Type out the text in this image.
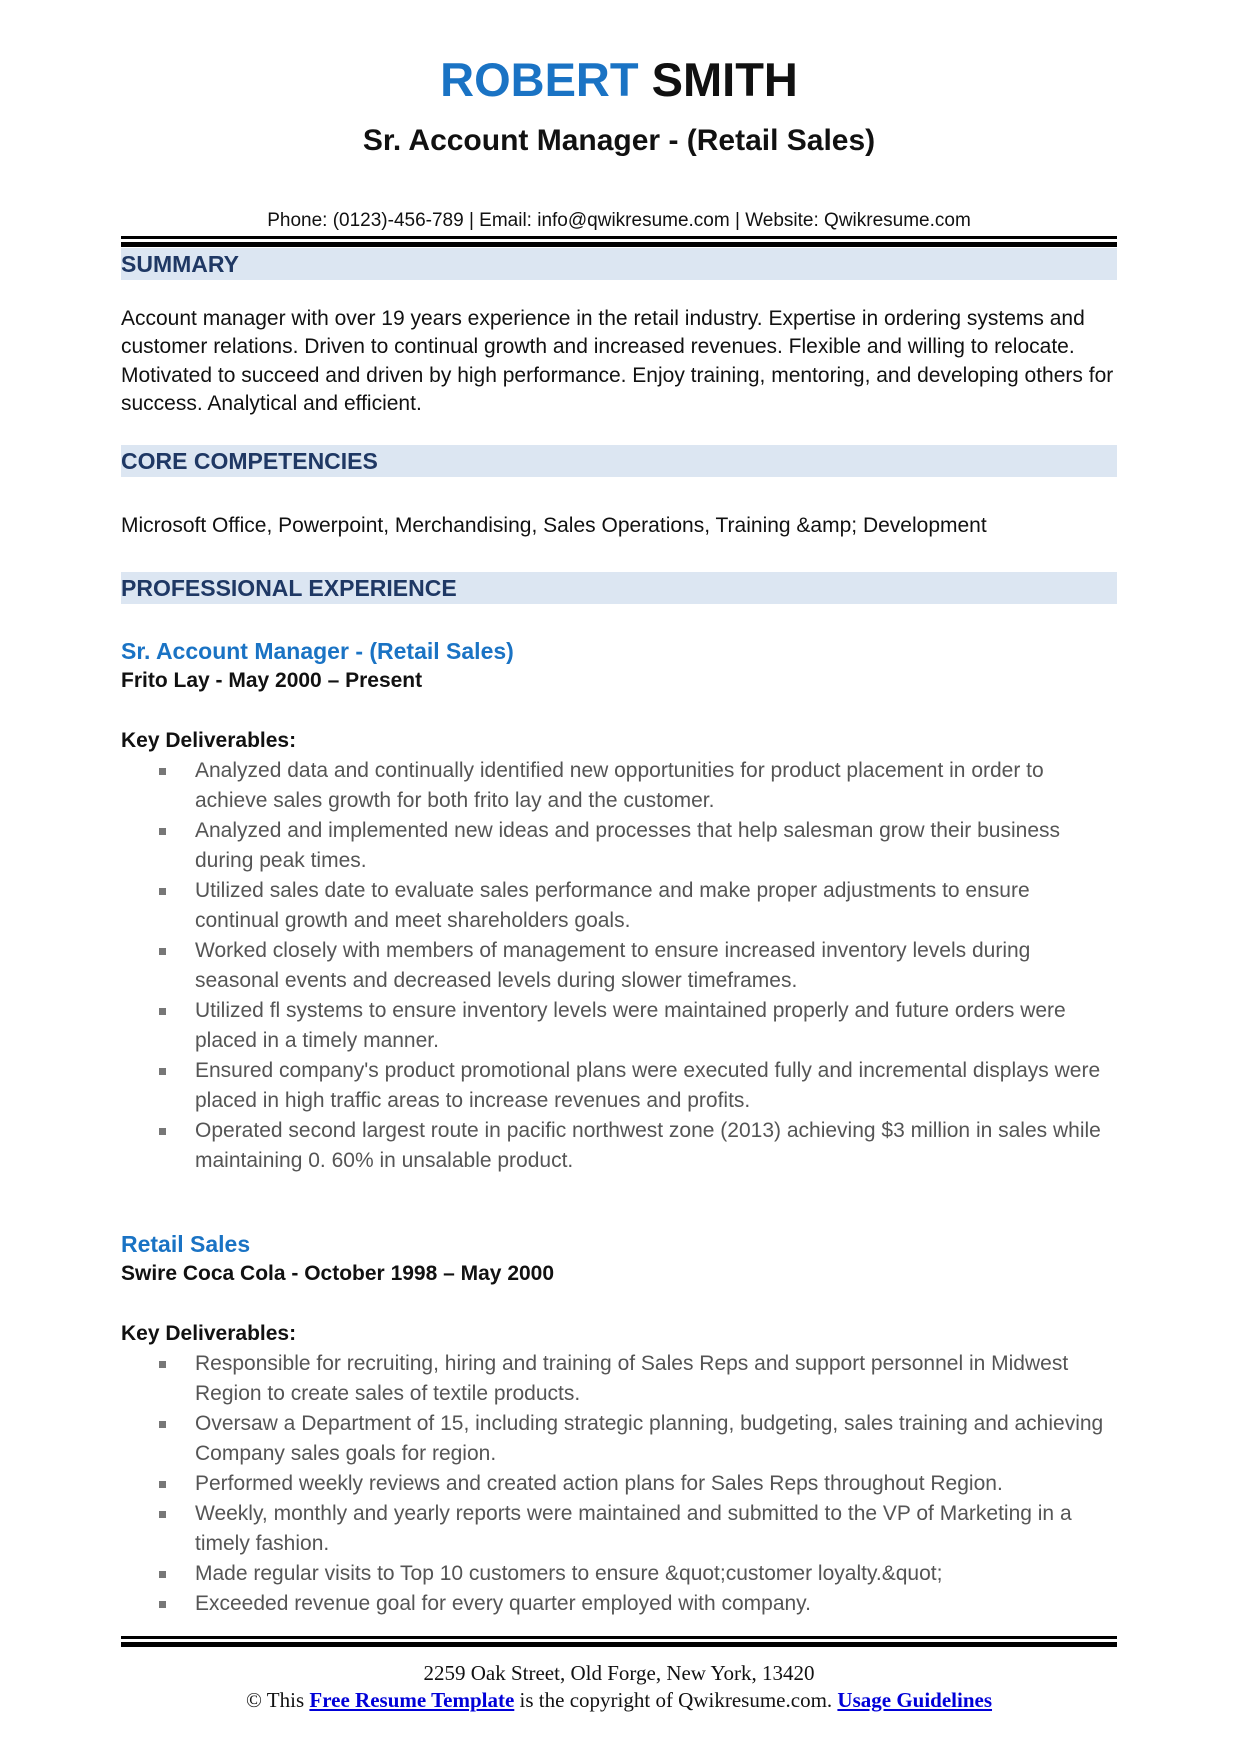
ROBERT SMITH
Sr. Account Manager - (Retail Sales)
Phone: (0123)-456-789 | Email: info@qwikresume.com | Website: Qwikresume.com
SUMMARY
Account manager with over 19 years experience in the retail industry. Expertise in ordering systems and customer relations. Driven to continual growth and increased revenues. Flexible and willing to relocate. Motivated to succeed and driven by high performance. Enjoy training, mentoring, and developing others for success. Analytical and efficient.
CORE COMPETENCIES
Microsoft Office, Powerpoint, Merchandising, Sales Operations, Training &amp; Development
PROFESSIONAL EXPERIENCE
Sr. Account Manager - (Retail Sales)
Frito Lay - May 2000 – Present
Key Deliverables:
Analyzed data and continually identified new opportunities for product placement in order to achieve sales growth for both frito lay and the customer.
Analyzed and implemented new ideas and processes that help salesman grow their business during peak times.
Utilized sales date to evaluate sales performance and make proper adjustments to ensure continual growth and meet shareholders goals.
Worked closely with members of management to ensure increased inventory levels during seasonal events and decreased levels during slower timeframes.
Utilized fl systems to ensure inventory levels were maintained properly and future orders were placed in a timely manner.
Ensured company's product promotional plans were executed fully and incremental displays were placed in high traffic areas to increase revenues and profits.
Operated second largest route in pacific northwest zone (2013) achieving $3 million in sales while maintaining 0. 60% in unsalable product.
Retail Sales
Swire Coca Cola - October 1998 – May 2000
Key Deliverables:
Responsible for recruiting, hiring and training of Sales Reps and support personnel in Midwest Region to create sales of textile products.
Oversaw a Department of 15, including strategic planning, budgeting, sales training and achieving Company sales goals for region.
Performed weekly reviews and created action plans for Sales Reps throughout Region.
Weekly, monthly and yearly reports were maintained and submitted to the VP of Marketing in a timely fashion.
Made regular visits to Top 10 customers to ensure &quot;customer loyalty.&quot;
Exceeded revenue goal for every quarter employed with company.
2259 Oak Street, Old Forge, New York, 13420
© This Free Resume Template is the copyright of Qwikresume.com. Usage Guidelines
